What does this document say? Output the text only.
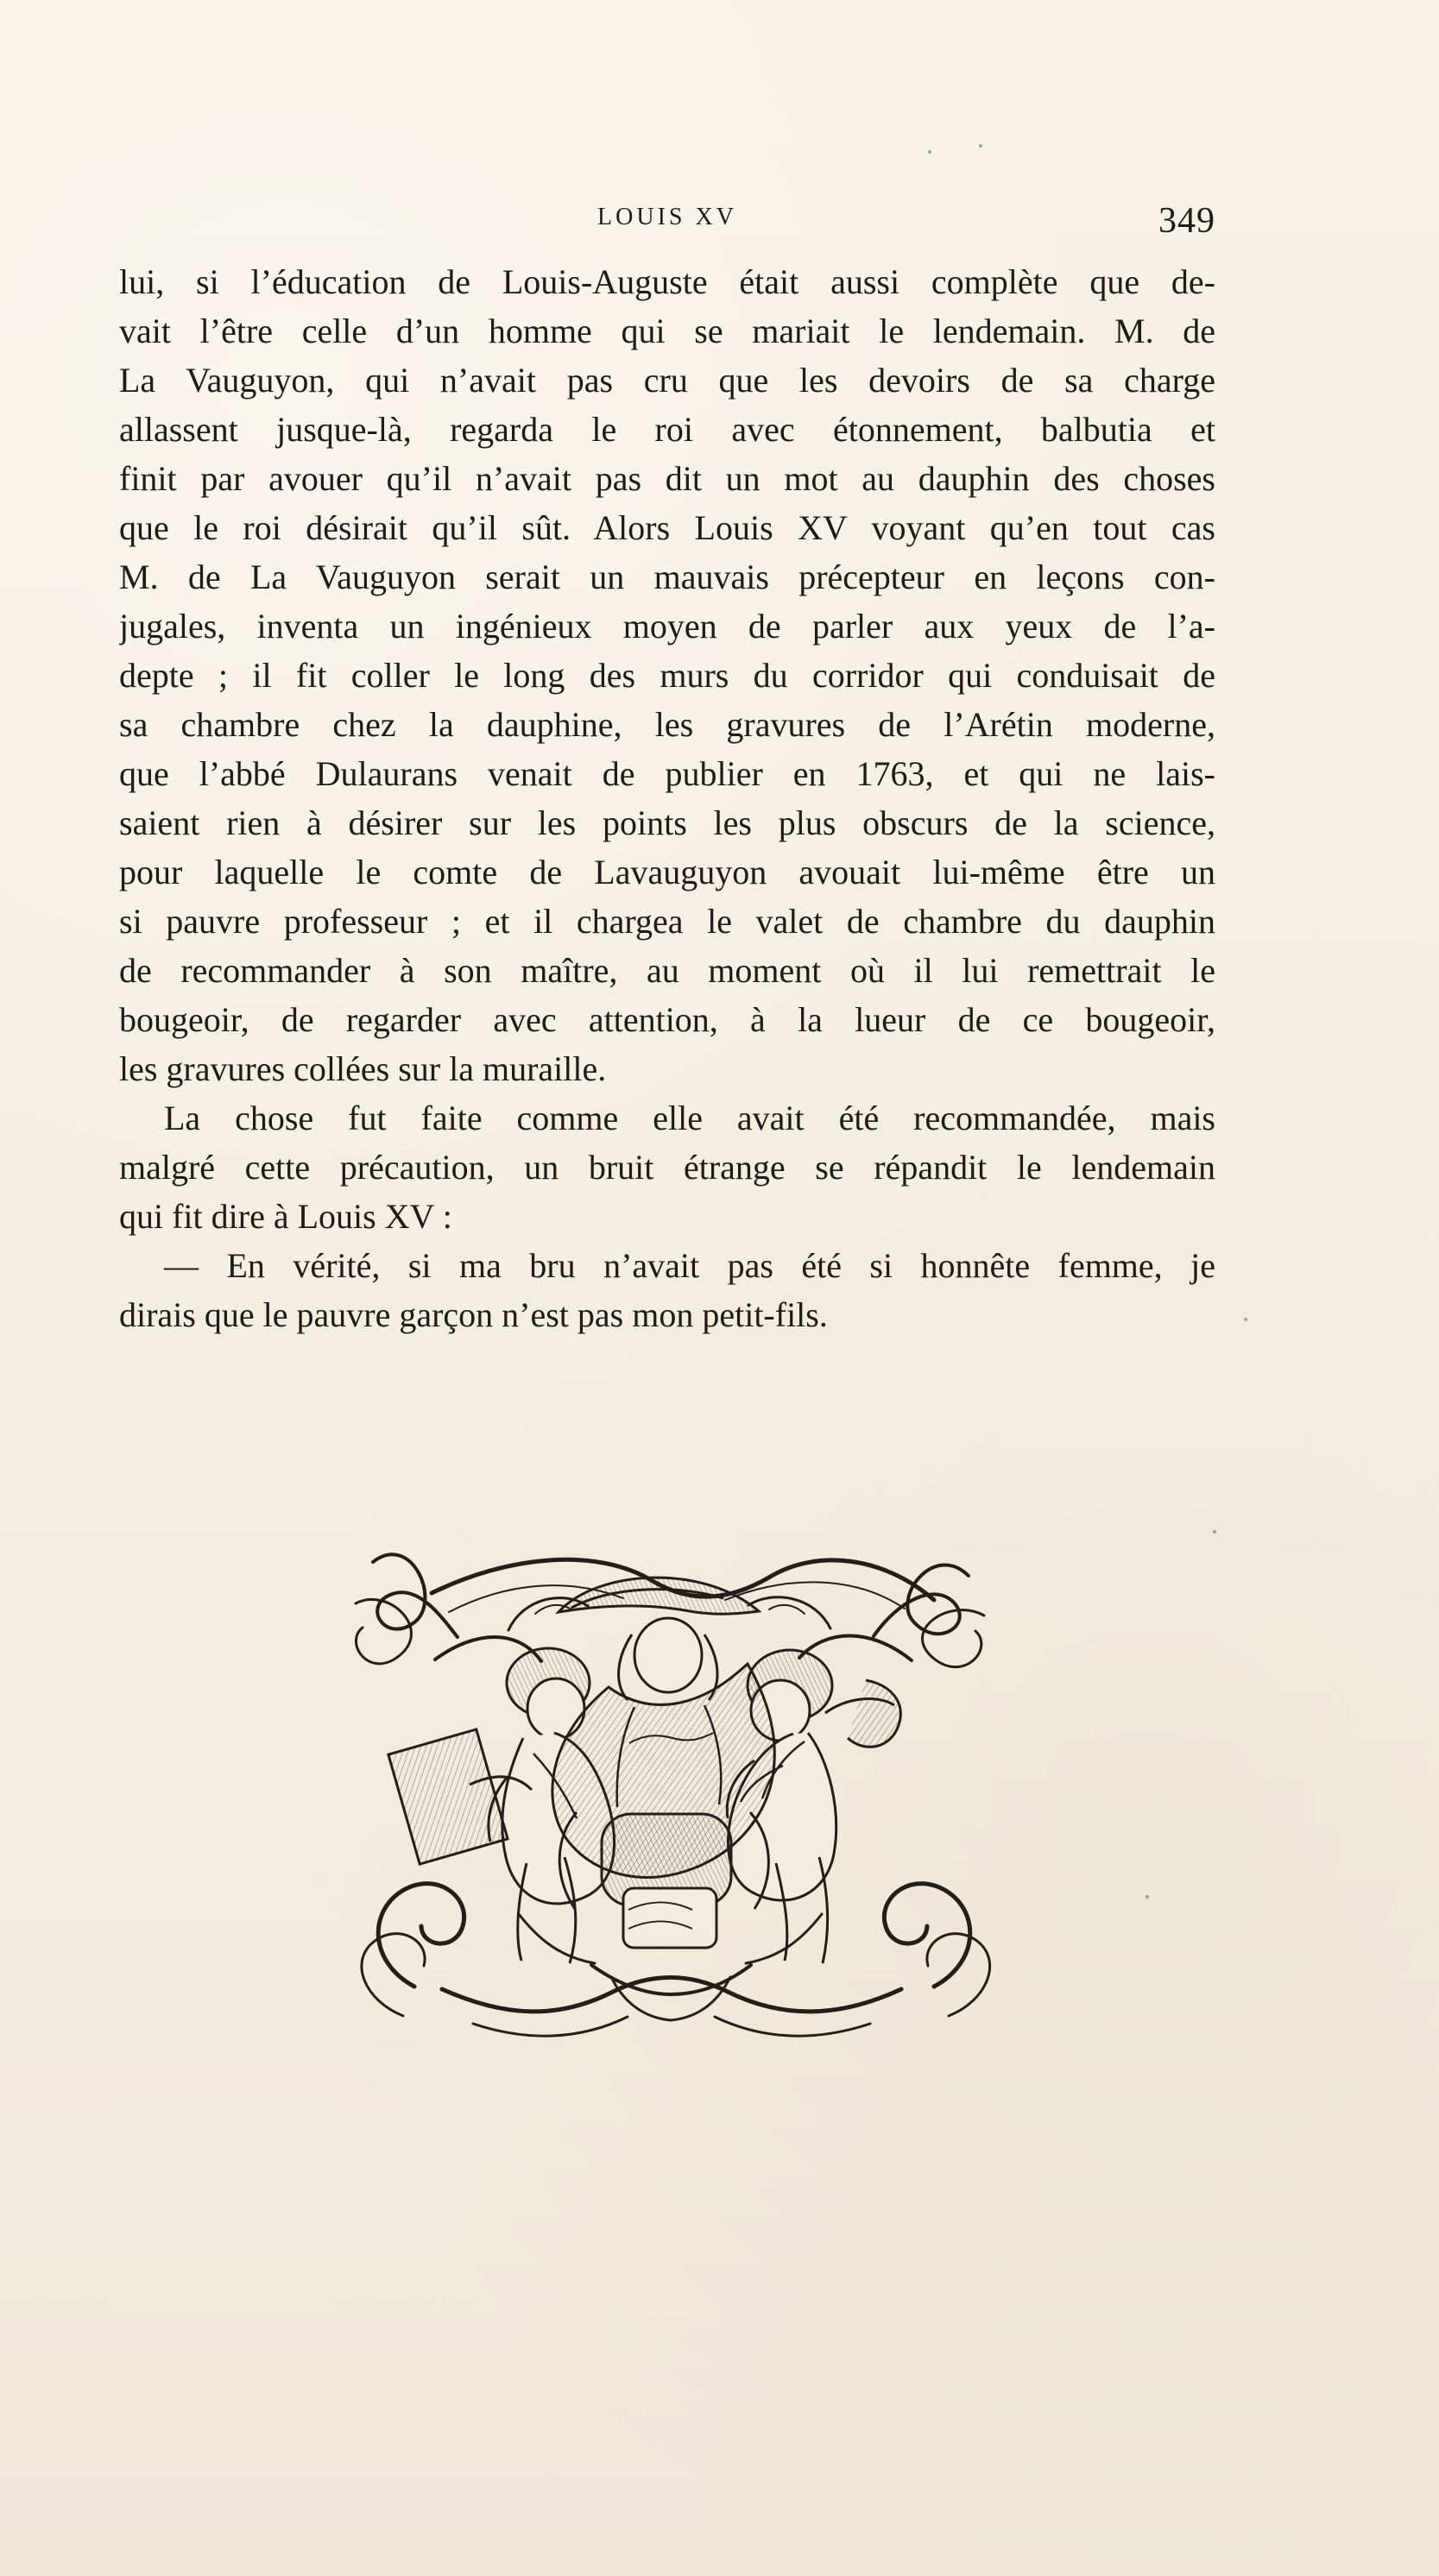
LOUIS XV	349
lui, si l’éducation de Louis-Auguste était aussi complète que de-
vait l’être celle d’un homme qui se mariait le lendemain. M. de
La Vauguyon, qui n’avait pas cru que les devoirs de sa charge
allassent jusque-là, regarda le roi avec étonnement, balbutia et
finit par avouer qu’il n’avait pas dit un mot au dauphin des choses
que le roi désirait qu’il sût. Alors Louis XV voyant qu’en tout cas
M. de La Vauguyon serait un mauvais précepteur en leçons con-
jugales, inventa un ingénieux moyen de parler aux yeux de l’a-
depte ; il fit coller le long des murs du corridor qui conduisait de
sa chambre chez la dauphine, les gravures de l’Arétin moderne,
que l’abbé Dulaurans venait de publier en 1763, et qui ne lais-
saient rien à désirer sur les points les plus obscurs de la science,
pour laquelle le comte de Lavauguyon avouait lui-même être un
si pauvre professeur ; et il chargea le valet de chambre du dauphin
de recommander à son maître, au moment où il lui remettrait le
bougeoir, de regarder avec attention, à la lueur de ce bougeoir,
les gravures collées sur la muraille.
La chose fut faite comme elle avait été recommandée, mais
malgré cette précaution, un bruit étrange se répandit le lendemain
qui fit dire à Louis XV :
— En vérité, si ma bru n’avait pas été si honnête femme, je
dirais que le pauvre garçon n’est pas mon petit-fils.
